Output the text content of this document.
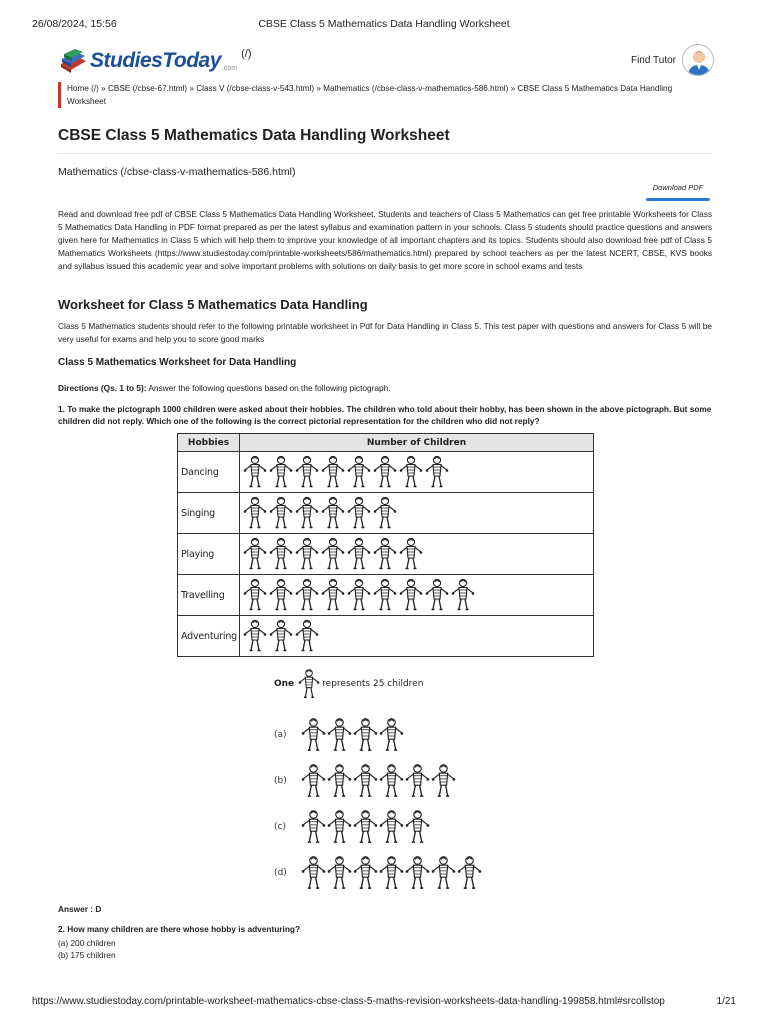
26/08/2024, 15:56	CBSE Class 5 Mathematics Data Handling Worksheet
StudiesToday .com
(/)	Find Tutor
Home (/) » CBSE (/cbse-67.html) » Class V (/cbse-class-v-543.html) » Mathematics (/cbse-class-v-mathematics-586.html) » CBSE Class 5 Mathematics Data Handling Worksheet
CBSE Class 5 Mathematics Data Handling Worksheet
Mathematics (/cbse-class-v-mathematics-586.html)
Download PDF

Read and download free pdf of CBSE Class 5 Mathematics Data Handling Worksheet. Students and teachers of Class 5 Mathematics can get free printable Worksheets for Class 5 Mathematics Data Handling in PDF format prepared as per the latest syllabus and examination pattern in your schools. Class 5 students should practice questions and answers given here for Mathematics in Class 5 which will help them to improve your knowledge of all important chapters and its topics. Students should also download free pdf of Class 5 Mathematics Worksheets (https://www.studiestoday.com/printable-worksheets/586/mathematics.html) prepared by school teachers as per the latest NCERT, CBSE, KVS books and syllabus issued this academic year and solve important problems with solutions on daily basis to get more score in school exams and tests

Worksheet for Class 5 Mathematics Data Handling

Class 5 Mathematics students should refer to the following printable worksheet in Pdf for Data Handling in Class 5. This test paper with questions and answers for Class 5 will be very useful for exams and help you to score good marks

Class 5 Mathematics Worksheet for Data Handling

Directions (Qs. 1 to 5): Answer the following questions based on the following pictograph.

1. To make the pictograph 1000 children were asked about their hobbies. The children who told about their hobby, has been shown in the above pictograph. But some children did not reply. Which one of the following is the correct pictorial representation for the children who did not reply?

Hobbies	Number of Children
Dancing	

Singing	

Playing	

Travelling	

Adventuring	
One	represents 25 children
(a)
(b)
(c)
(d)

Answer : D

2. How many children are there whose hobby is adventuring?

(a) 200 children
(b) 175 children
https://www.studiestoday.com/printable-worksheet-mathematics-cbse-class-5-maths-revision-worksheets-data-handling-199858.html#srcollstop	1/21
